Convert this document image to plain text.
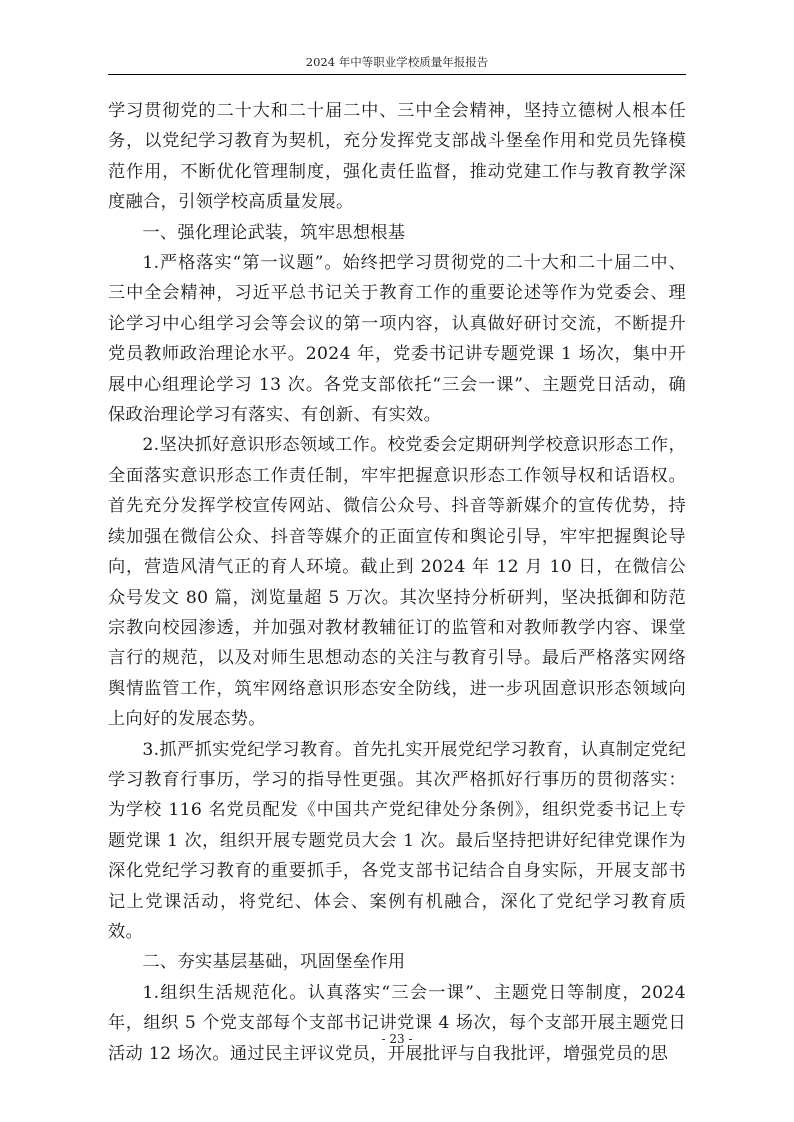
2024 年中等职业学校质量年报报告

学习贯彻党的二十大和二十届二中、三中全会精神，坚持立德树人根本任务，以党纪学习教育为契机，充分发挥党支部战斗堡垒作用和党员先锋模范作用，不断优化管理制度，强化责任监督，推动党建工作与教育教学深度融合，引领学校高质量发展。

一、强化理论武装，筑牢思想根基

1.严格落实“第一议题”。始终把学习贯彻党的二十大和二十届二中、三中全会精神，习近平总书记关于教育工作的重要论述等作为党委会、理论学习中心组学习会等会议的第一项内容，认真做好研讨交流，不断提升党员教师政治理论水平。2024 年，党委书记讲专题党课 1 场次，集中开展中心组理论学习 13 次。各党支部依托“三会一课”、主题党日活动，确保政治理论学习有落实、有创新、有实效。

2.坚决抓好意识形态领域工作。校党委会定期研判学校意识形态工作，全面落实意识形态工作责任制，牢牢把握意识形态工作领导权和话语权。首先充分发挥学校宣传网站、微信公众号、抖音等新媒介的宣传优势，持续加强在微信公众、抖音等媒介的正面宣传和舆论引导，牢牢把握舆论导向，营造风清气正的育人环境。截止到 2024 年 12 月 10 日，在微信公众号发文 80 篇，浏览量超 5 万次。其次坚持分析研判，坚决抵御和防范宗教向校园渗透，并加强对教材教辅征订的监管和对教师教学内容、课堂言行的规范，以及对师生思想动态的关注与教育引导。最后严格落实网络舆情监管工作，筑牢网络意识形态安全防线，进一步巩固意识形态领域向上向好的发展态势。

3.抓严抓实党纪学习教育。首先扎实开展党纪学习教育，认真制定党纪学习教育行事历，学习的指导性更强。其次严格抓好行事历的贯彻落实：为学校 116 名党员配发《中国共产党纪律处分条例》，组织党委书记上专题党课 1 次，组织开展专题党员大会 1 次。最后坚持把讲好纪律党课作为深化党纪学习教育的重要抓手，各党支部书记结合自身实际，开展支部书记上党课活动，将党纪、体会、案例有机融合，深化了党纪学习教育质效。

二、夯实基层基础，巩固堡垒作用

1.组织生活规范化。认真落实“三会一课”、主题党日等制度，2024 年，组织 5 个党支部每个支部书记讲党课 4 场次，每个支部开展主题党日活动 12 场次。通过民主评议党员，开展批评与自我批评，增强党员的思

- 23 -
